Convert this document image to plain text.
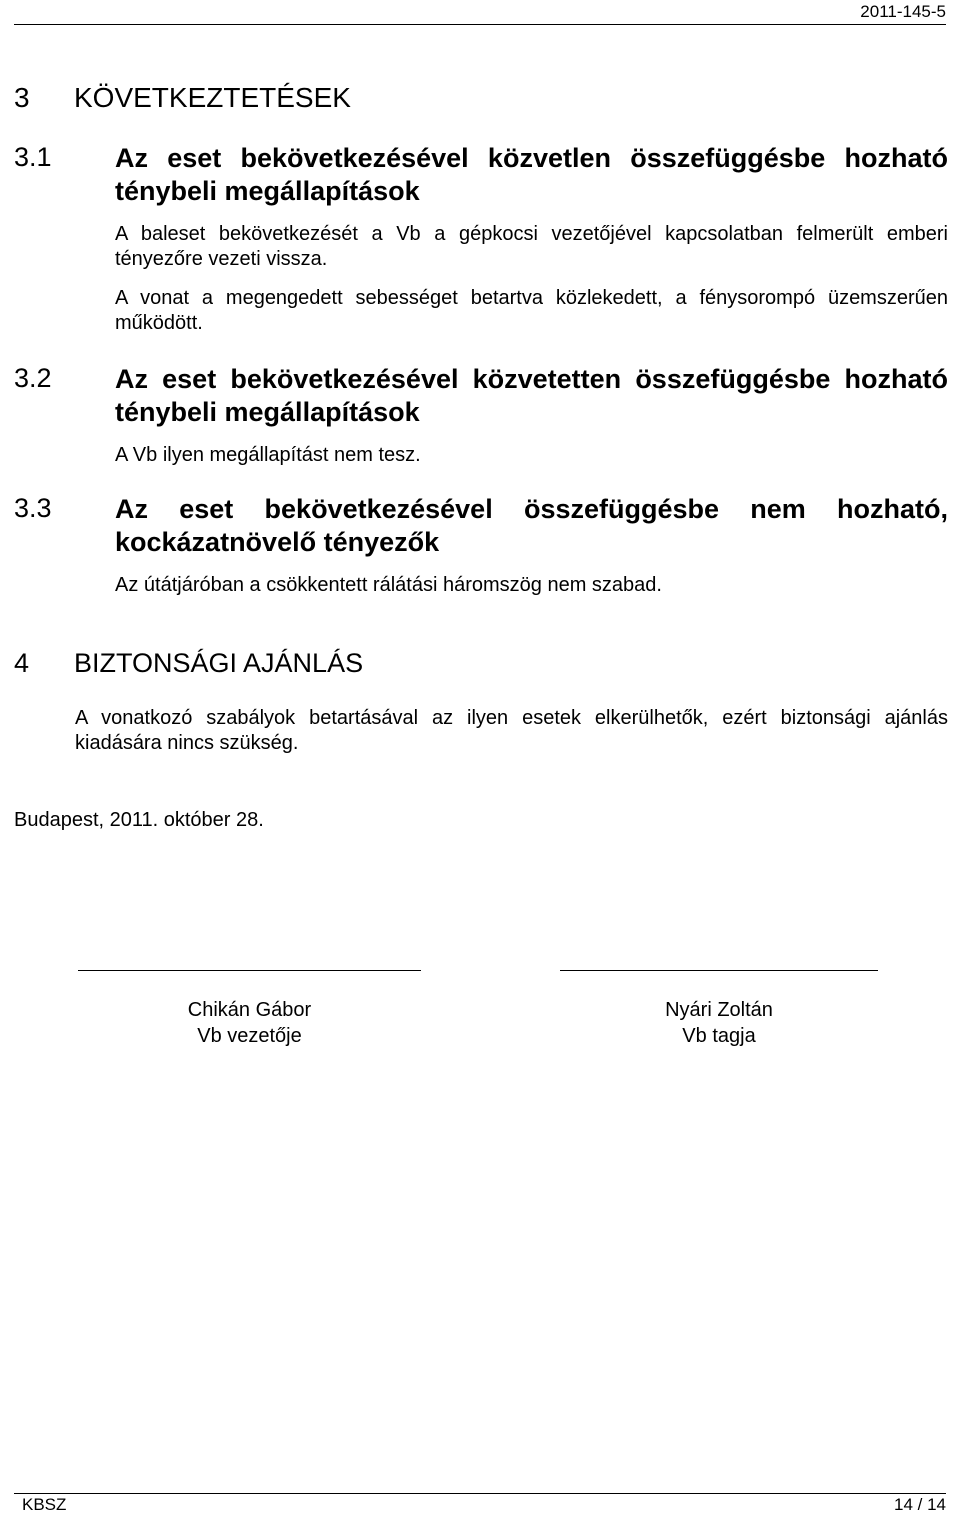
2011-145-5
3	KÖVETKEZTETÉSEK
3.1 Az eset bekövetkezésével közvetlen összefüggésbe hozható ténybeli megállapítások
A baleset bekövetkezését a Vb a gépkocsi vezetőjével kapcsolatban felmerült emberi tényezőre vezeti vissza.
A vonat a megengedett sebességet betartva közlekedett, a fénysorompó üzemszerűen működött.
3.2 Az eset bekövetkezésével közvetetten összefüggésbe hozható ténybeli megállapítások
A Vb ilyen megállapítást nem tesz.
3.3 Az eset bekövetkezésével összefüggésbe nem hozható, kockázatnövelő tényezők
Az útátjáróban a csökkentett rálátási háromszög nem szabad.
4	BIZTONSÁGI AJÁNLÁS
A vonatkozó szabályok betartásával az ilyen esetek elkerülhetők, ezért biztonsági ajánlás kiadására nincs szükség.
Budapest, 2011. október 28.
Chikán Gábor
Vb vezetője
Nyári Zoltán
Vb tagja
KBSZ	14 / 14
